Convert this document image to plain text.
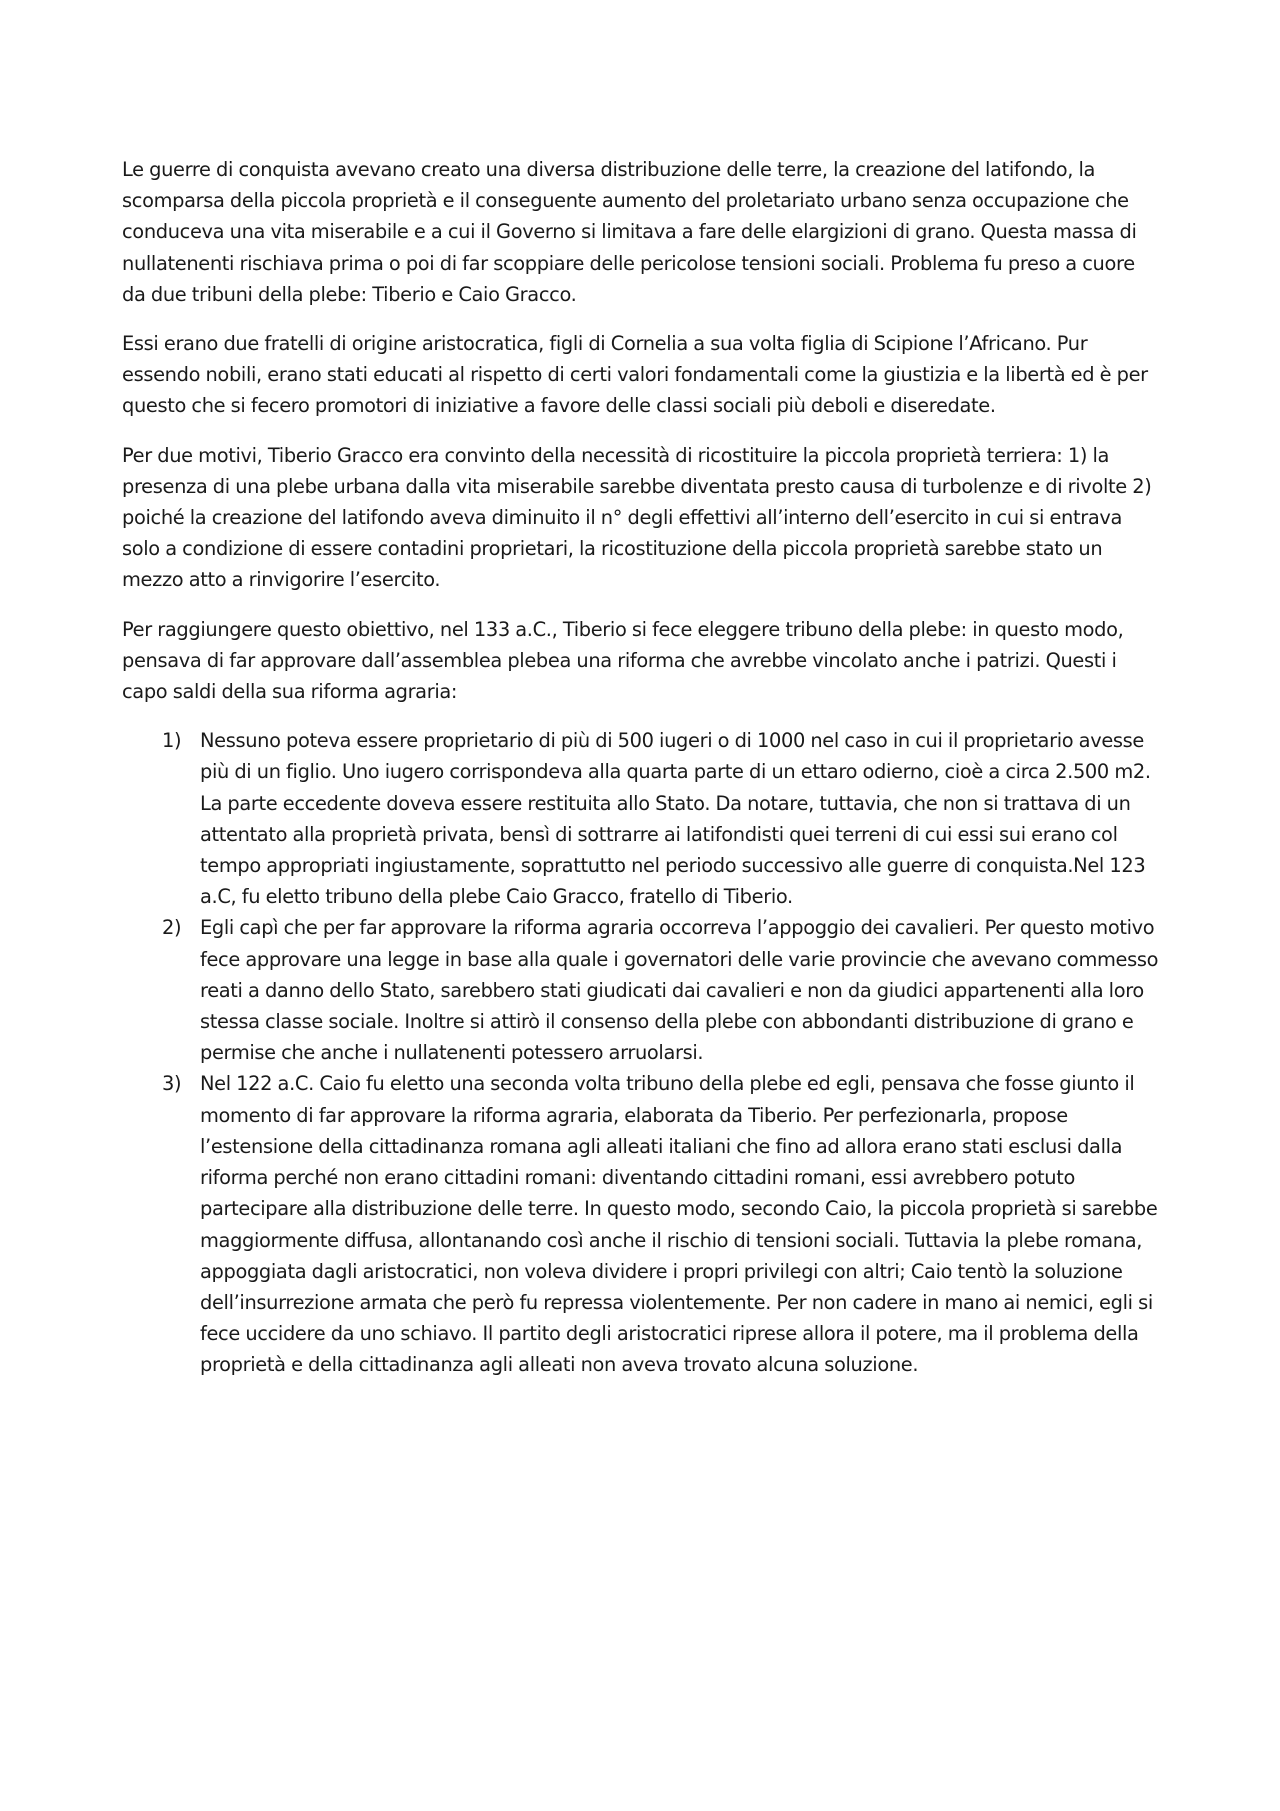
Le guerre di conquista avevano creato una diversa distribuzione delle terre, la creazione del latifondo, la scomparsa della piccola proprietà e il conseguente aumento del proletariato urbano senza occupazione che conduceva una vita miserabile e a cui il Governo si limitava a fare delle elargizioni di grano. Questa massa di nullatenenti rischiava prima o poi di far scoppiare delle pericolose tensioni sociali. Problema fu preso a cuore da due tribuni della plebe: Tiberio e Caio Gracco.

Essi erano due fratelli di origine aristocratica, figli di Cornelia a sua volta figlia di Scipione l’Africano. Pur essendo nobili, erano stati educati al rispetto di certi valori fondamentali come la giustizia e la libertà ed è per questo che si fecero promotori di iniziative a favore delle classi sociali più deboli e diseredate.

Per due motivi, Tiberio Gracco era convinto della necessità di ricostituire la piccola proprietà terriera: 1) la presenza di una plebe urbana dalla vita miserabile sarebbe diventata presto causa di turbolenze e di rivolte 2) poiché la creazione del latifondo aveva diminuito il n° degli effettivi all’interno dell’esercito in cui si entrava solo a condizione di essere contadini proprietari, la ricostituzione della piccola proprietà sarebbe stato un mezzo atto a rinvigorire l’esercito.

Per raggiungere questo obiettivo, nel 133 a.C., Tiberio si fece eleggere tribuno della plebe: in questo modo, pensava di far approvare dall’assemblea plebea una riforma che avrebbe vincolato anche i patrizi. Questi i capo saldi della sua riforma agraria:

1) Nessuno poteva essere proprietario di più di 500 iugeri o di 1000 nel caso in cui il proprietario avesse più di un figlio. Uno iugero corrispondeva alla quarta parte di un ettaro odierno, cioè a circa 2.500 m2. La parte eccedente doveva essere restituita allo Stato. Da notare, tuttavia, che non si trattava di un attentato alla proprietà privata, bensì di sottrarre ai latifondisti quei terreni di cui essi sui erano col tempo appropriati ingiustamente, soprattutto nel periodo successivo alle guerre di conquista.Nel 123 a.C, fu eletto tribuno della plebe Caio Gracco, fratello di Tiberio.
2) Egli capì che per far approvare la riforma agraria occorreva l’appoggio dei cavalieri. Per questo motivo fece approvare una legge in base alla quale i governatori delle varie provincie che avevano commesso reati a danno dello Stato, sarebbero stati giudicati dai cavalieri e non da giudici appartenenti alla loro stessa classe sociale. Inoltre si attirò il consenso della plebe con abbondanti distribuzione di grano e permise che anche i nullatenenti potessero arruolarsi.
3) Nel 122 a.C. Caio fu eletto una seconda volta tribuno della plebe ed egli, pensava che fosse giunto il momento di far approvare la riforma agraria, elaborata da Tiberio. Per perfezionarla, propose l’estensione della cittadinanza romana agli alleati italiani che fino ad allora erano stati esclusi dalla riforma perché non erano cittadini romani: diventando cittadini romani, essi avrebbero potuto partecipare alla distribuzione delle terre. In questo modo, secondo Caio, la piccola proprietà si sarebbe maggiormente diffusa, allontanando così anche il rischio di tensioni sociali. Tuttavia la plebe romana, appoggiata dagli aristocratici, non voleva dividere i propri privilegi con altri; Caio tentò la soluzione dell’insurrezione armata che però fu repressa violentemente. Per non cadere in mano ai nemici, egli si fece uccidere da uno schiavo. Il partito degli aristocratici riprese allora il potere, ma il problema della proprietà e della cittadinanza agli alleati non aveva trovato alcuna soluzione.
